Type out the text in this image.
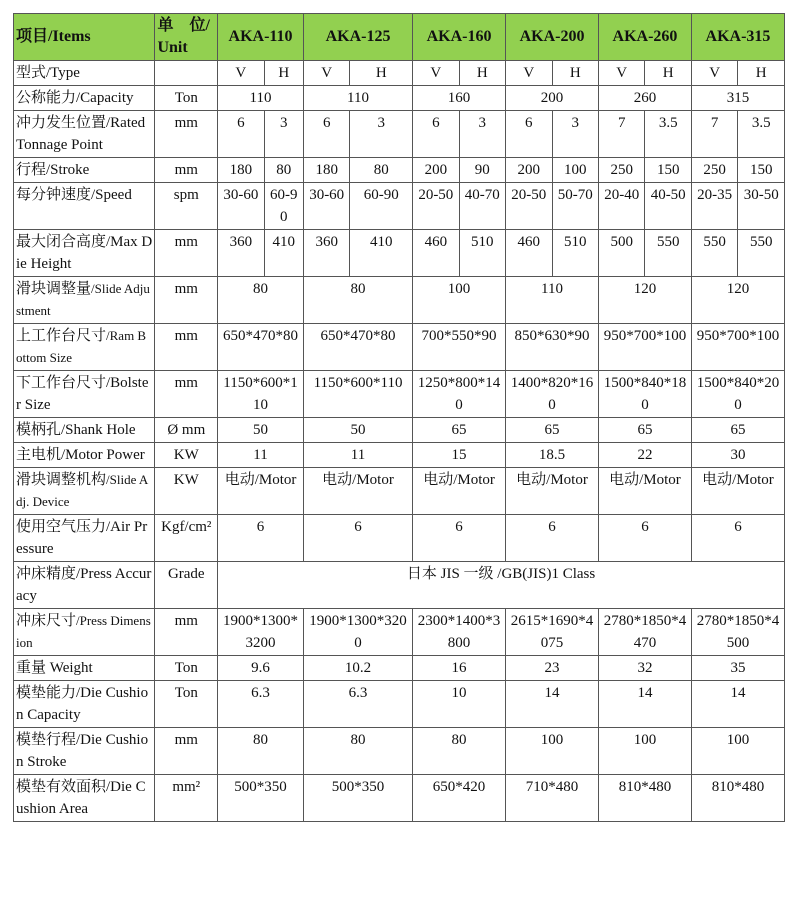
项目/Items	单　位/Unit	AKA-110		AKA-125		AKA-160		AKA-200		AKA-260		AKA-315	
型式/Type		V	H	V	H	V	H	V	H	V	H	V	H
公称能力/Capacity	Ton	110		110		160		200		260		315	
冲力发生位置/Rated Tonnage Point	mm	6	3	6	3	6	3	6	3	7	3.5	7	3.5
行程/Stroke	mm	180	80	180	80	200	90	200	100	250	150	250	150
每分钟速度/Speed	spm	30-60	60-90	30-60	60-90	20-50	40-70	20-50	50-70	20-40	40-50	20-35	30-50
最大闭合高度/Max Die Height	mm	360	410	360	410	460	510	460	510	500	550	550	550
滑块调整量/Slide Adjustment	mm	80		80		100		110		120		120	
上工作台尺寸/Ram Bottom Size	mm	650*470*80		650*470*80		700*550*90		850*630*90		950*700*100		950*700*100	
下工作台尺寸/Bolster Size	mm	1150*600*110		1150*600*110		1250*800*140		1400*820*160		1500*840*180		1500*840*200	
模柄孔/Shank Hole	Ø mm	50		50		65		65		65		65	
主电机/Motor Power	KW	11		11		15		18.5		22		30	
滑块调整机构/Slide Adj. Device	KW	电动/Motor		电动/Motor		电动/Motor		电动/Motor		电动/Motor		电动/Motor	
使用空气压力/Air Pressure	Kgf/cm²	6		6		6		6		6		6	
冲床精度/Press Accuracy	Grade	日本 JIS 一级 /GB(JIS)1 Class											
冲床尺寸/Press Dimension	mm	1900*1300*3200		1900*1300*3200		2300*1400*3800		2615*1690*4075		2780*1850*4470		2780*1850*4500	
重量 Weight	Ton	9.6		10.2		16		23		32		35	
模垫能力/Die Cushion Capacity	Ton	6.3		6.3		10		14		14		14	
模垫行程/Die Cushion Stroke	mm	80		80		80		100		100		100	
模垫有效面积/Die Cushion Area	mm²	500*350		500*350		650*420		710*480		810*480		810*480	
